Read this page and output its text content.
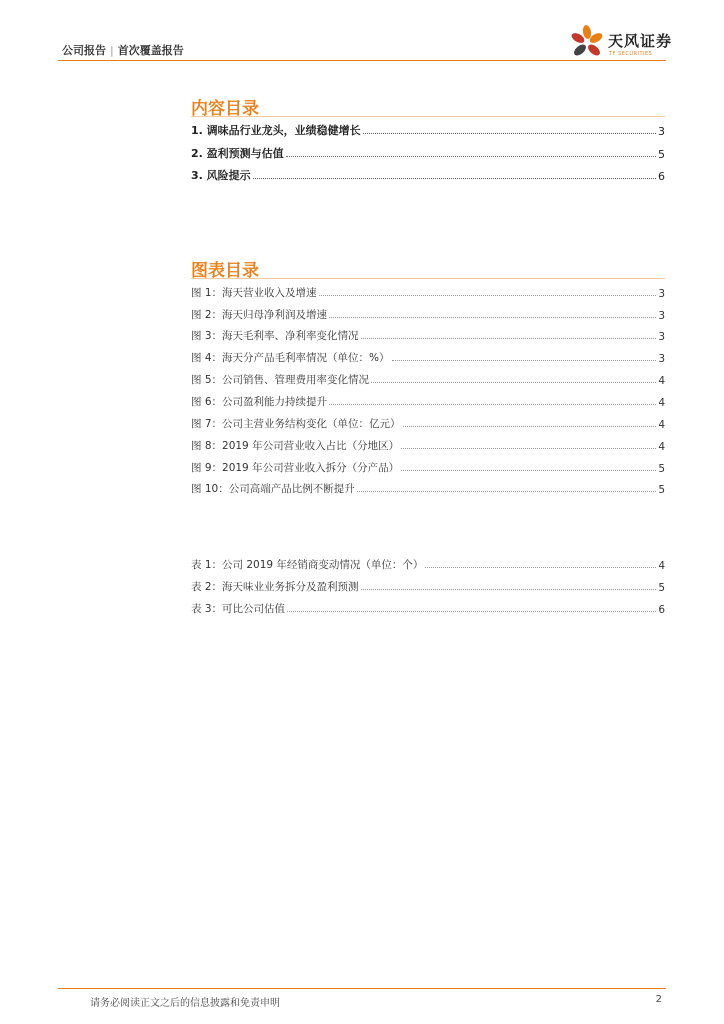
公司报告 | 首次覆盖报告
天风证券
TF SECURITIES
内容目录
1. 调味品行业龙头，业绩稳健增长	3
2. 盈利预测与估值	5
3. 风险提示	6
图表目录
图 1：海天营业收入及增速	3
图 2：海天归母净利润及增速	3
图 3：海天毛利率、净利率变化情况	3
图 4：海天分产品毛利率情况（单位：%）	3
图 5：公司销售、管理费用率变化情况	4
图 6：公司盈利能力持续提升	4
图 7：公司主营业务结构变化（单位：亿元）	4
图 8：2019 年公司营业收入占比（分地区）	4
图 9：2019 年公司营业收入拆分（分产品）	5
图 10：公司高端产品比例不断提升	5
表 1：公司 2019 年经销商变动情况（单位：个）	4
表 2：海天味业业务拆分及盈利预测	5
表 3：可比公司估值	6
请务必阅读正文之后的信息披露和免责申明	2
